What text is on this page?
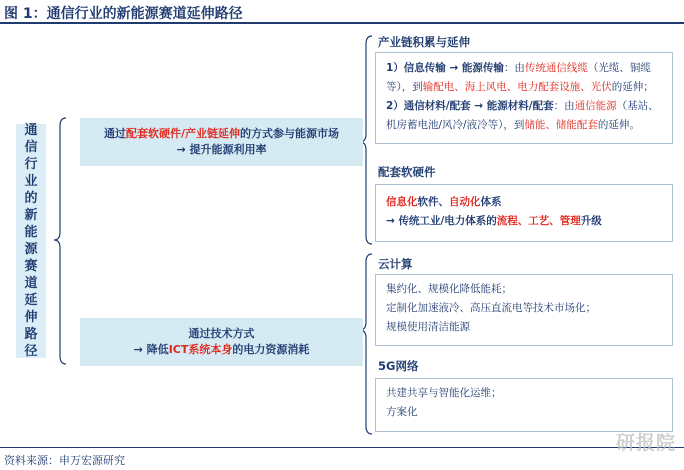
图 1：通信行业的新能源赛道延伸路径
通
信
行
业
的
新
能
源
赛
道
延
伸
路
径
通过配套软硬件/产业链延伸的方式参与能源市场
→ 提升能源利用率
通过技术方式
→ 降低ICT系统本身的电力资源消耗
产业链积累与延伸
1）信息传输 → 能源传输：由传统通信线缆（光缆、铜缆
等），到输配电、海上风电、电力配套设施、光伏的延伸；
2）通信材料/配套 → 能源材料/配套：由通信能源（基站、
机房蓄电池/风冷/液冷等），到储能、储能配套的延伸。
配套软硬件
信息化软件、自动化体系
→ 传统工业/电力体系的流程、工艺、管理升级
云计算
集约化、规模化降低能耗；
定制化加速液冷、高压直流电等技术市场化；
规模使用清洁能源
5G网络
共建共享与智能化运维；
方案化
资料来源：申万宏源研究
研报院
